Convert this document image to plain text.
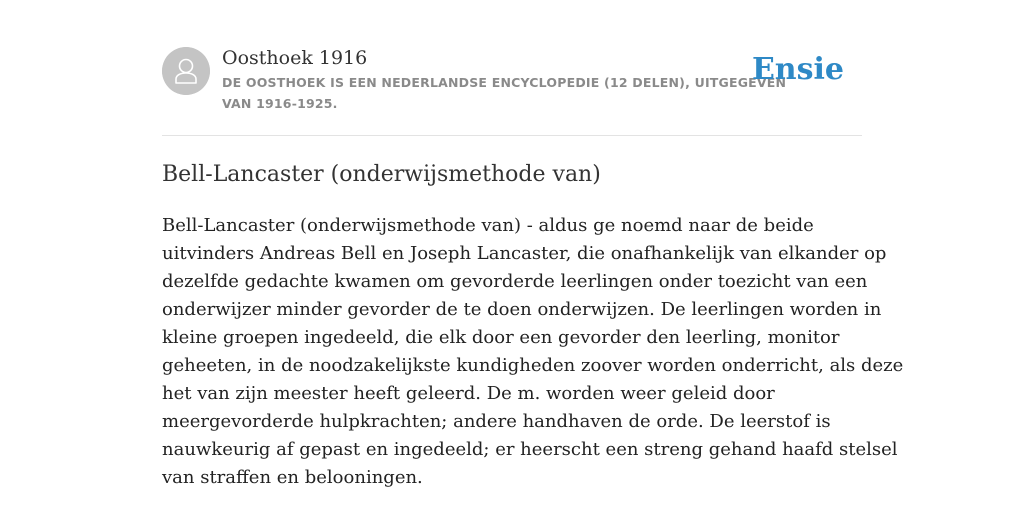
Oosthoek 1916
DE OOSTHOEK IS EEN NEDERLANDSE ENCYCLOPEDIE (12 DELEN), UITGEGEVEN
VAN 1916-1925.
Ensie
Bell-Lancaster (onderwijsmethode van)
Bell-Lancaster (onderwijsmethode van) - aldus ge noemd naar de beide
uitvinders Andreas Bell en Joseph Lancaster, die onafhankelijk van elkander op
dezelfde gedachte kwamen om gevorderde leerlingen onder toezicht van een
onderwijzer minder gevorder de te doen onderwijzen. De leerlingen worden in
kleine groepen ingedeeld, die elk door een gevorder den leerling, monitor
geheeten, in de noodzakelijkste kundigheden zoover worden onderricht, als deze
het van zijn meester heeft geleerd. De m. worden weer geleid door
meergevorderde hulpkrachten; andere handhaven de orde. De leerstof is
nauwkeurig af gepast en ingedeeld; er heerscht een streng gehand haafd stelsel
van straffen en belooningen.
